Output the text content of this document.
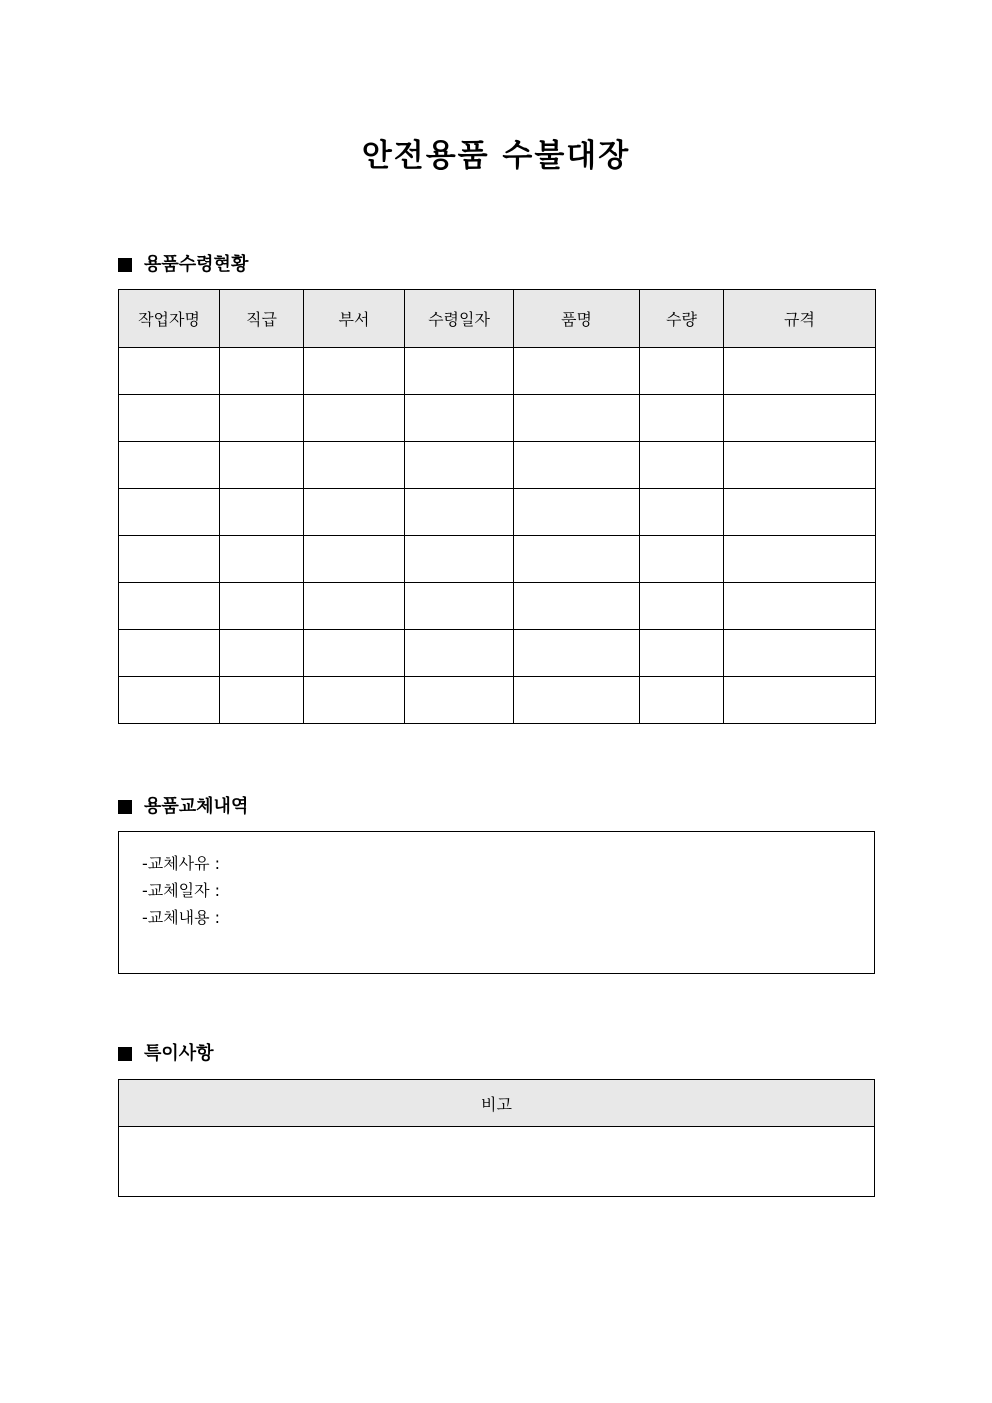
안전용품 수불대장
용품수령현황
작업자명	직급	부서	수령일자	품명	수량	규격

용품교체내역
-교체사유 :
-교체일자 :
-교체내용 :
특이사항
비고
